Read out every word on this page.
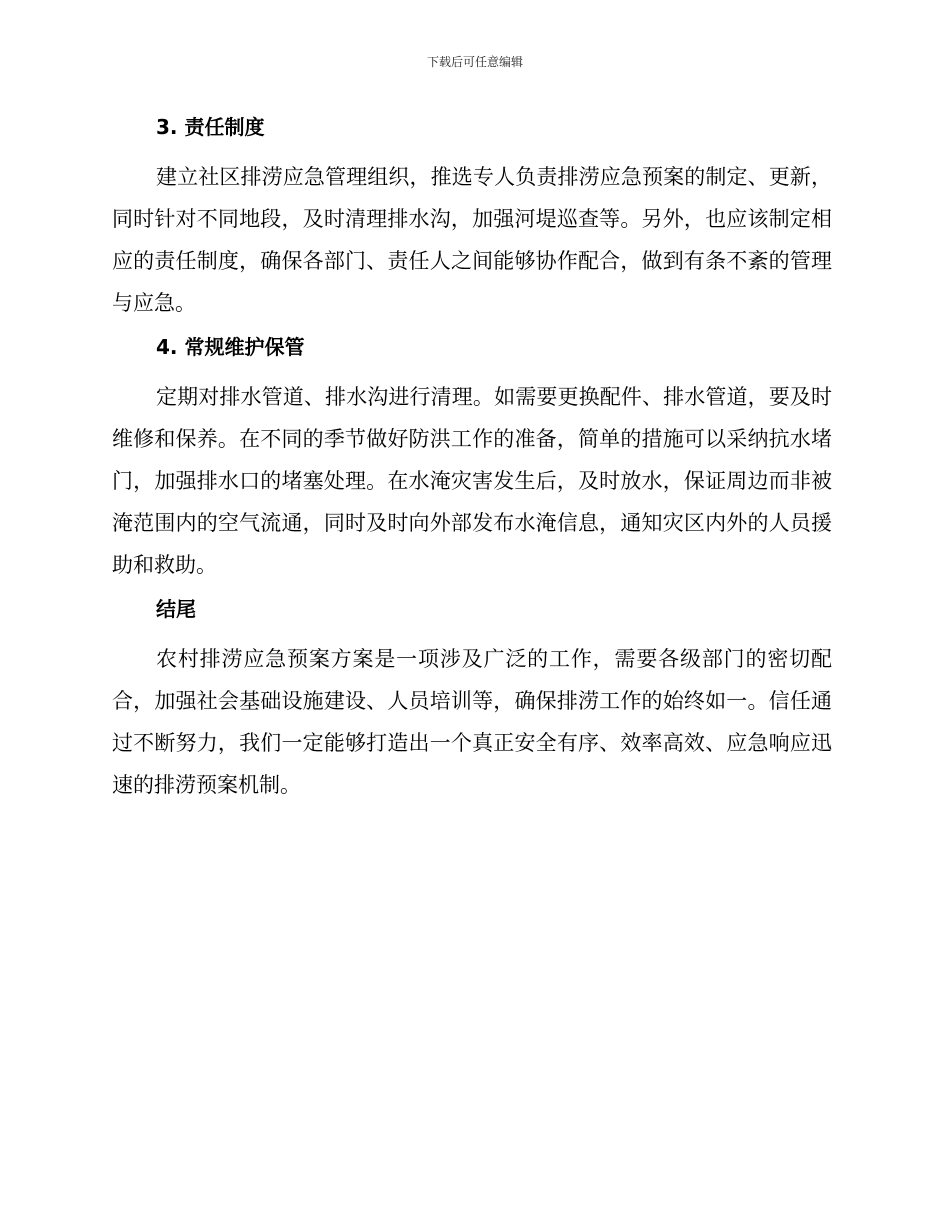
下载后可任意编辑
3. 责任制度

建立社区排涝应急管理组织，推选专人负责排涝应急预案的制定、更新，同时针对不同地段，及时清理排水沟，加强河堤巡查等。另外，也应该制定相应的责任制度，确保各部门、责任人之间能够协作配合，做到有条不紊的管理与应急。

4. 常规维护保管

定期对排水管道、排水沟进行清理。如需要更换配件、排水管道，要及时维修和保养。在不同的季节做好防洪工作的准备，简单的措施可以采纳抗水堵门，加强排水口的堵塞处理。在水淹灾害发生后，及时放水，保证周边而非被淹范围内的空气流通，同时及时向外部发布水淹信息，通知灾区内外的人员援助和救助。

结尾

农村排涝应急预案方案是一项涉及广泛的工作，需要各级部门的密切配合，加强社会基础设施建设、人员培训等，确保排涝工作的始终如一。信任通过不断努力，我们一定能够打造出一个真正安全有序、效率高效、应急响应迅速的排涝预案机制。
